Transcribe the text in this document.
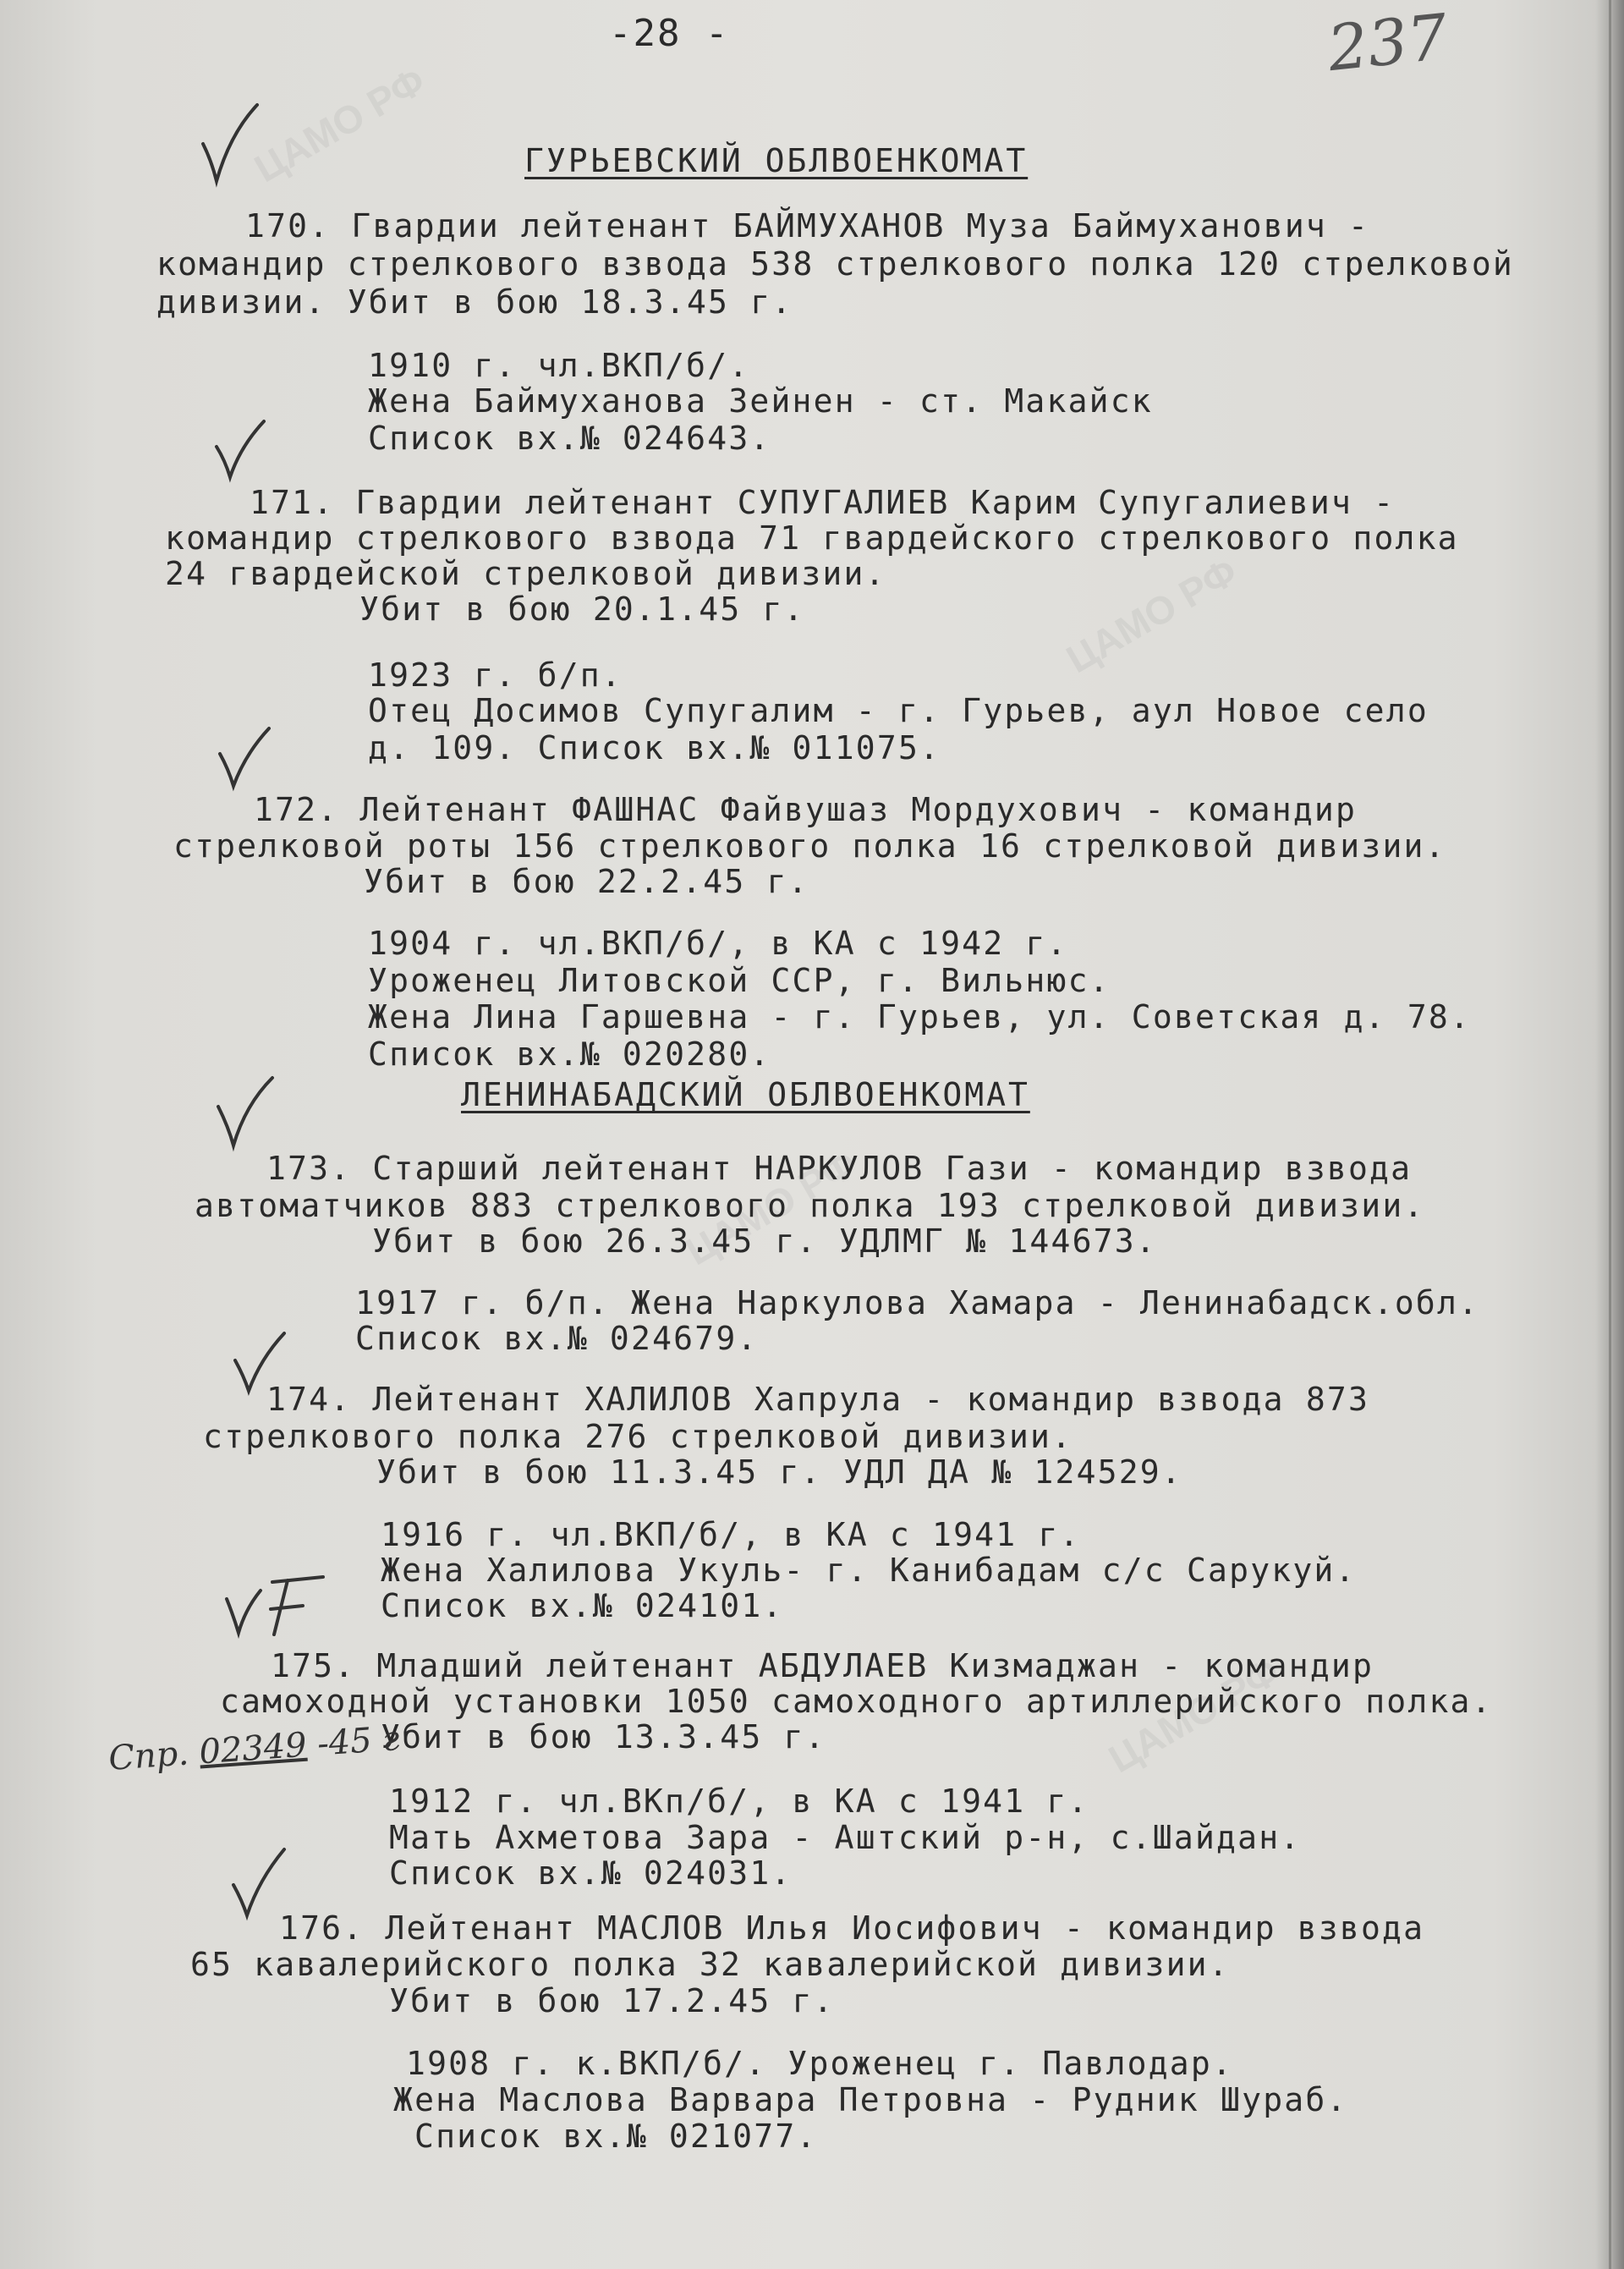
ЦАМО РФ
ЦАМО РФ
ЦАМО РФ
ЦАМО РФ
-28 -	237
ГУРЬЕВСКИЙ ОБЛВОЕНКОМАТ
ЛЕНИНАБАДСКИЙ ОБЛВОЕНКОМАТ
170. Гвардии лейтенант БАЙМУХАНОВ Муза Баймуханович -
командир стрелкового взвода 538 стрелкового полка 120 стрелковой
дивизии. Убит в бою 18.3.45 г.
1910 г. чл.ВКП/б/.
Жена Баймуханова Зейнен - ст. Макайск
Список вх.№ 024643.
171. Гвардии лейтенант СУПУГАЛИЕВ Карим Супугалиевич -
командир стрелкового взвода 71 гвардейского стрелкового полка
24 гвардейской стрелковой дивизии.
Убит в бою 20.1.45 г.
1923 г. б/п.
Отец Досимов Супугалим - г. Гурьев, аул Новое село
д. 109. Список вх.№ 011075.
172. Лейтенант ФАШНАС Файвушаз Мордухович - командир
стрелковой роты 156 стрелкового полка 16 стрелковой дивизии.
Убит в бою 22.2.45 г.
1904 г. чл.ВКП/б/, в КА с 1942 г.
Уроженец Литовской ССР, г. Вильнюс.
Жена Лина Гаршевна - г. Гурьев, ул. Советская д. 78.
Список вх.№ 020280.
173. Старший лейтенант НАРКУЛОВ Гази - командир взвода
автоматчиков 883 стрелкового полка 193 стрелковой дивизии.
Убит в бою 26.3.45 г. УДЛМГ № 144673.
1917 г. б/п. Жена Наркулова Хамара - Ленинабадск.обл.
Список вх.№ 024679.
174. Лейтенант ХАЛИЛОВ Хапрула - командир взвода 873
стрелкового полка 276 стрелковой дивизии.
Убит в бою 11.3.45 г. УДЛ ДА № 124529.
1916 г. чл.ВКП/б/, в КА с 1941 г.
Жена Халилова Укуль- г. Канибадам с/с Сарукуй.
Список вх.№ 024101.
175. Младший лейтенант АБДУЛАЕВ Кизмаджан - командир
самоходной установки 1050 самоходного артиллерийского полка.
Убит в бою 13.3.45 г.
1912 г. чл.ВКп/б/, в КА с 1941 г.
Мать Ахметова Зара - Аштский р-н, с.Шайдан.
Список вх.№ 024031.
176. Лейтенант МАСЛОВ Илья Иосифович - командир взвода
65 кавалерийского полка 32 кавалерийской дивизии.
Убит в бою 17.2.45 г.
1908 г. к.ВКП/б/. Уроженец г. Павлодар.
Жена Маслова Варвара Петровна - Рудник Шураб.
Список вх.№ 021077.
Спр. 02349 -45 г
